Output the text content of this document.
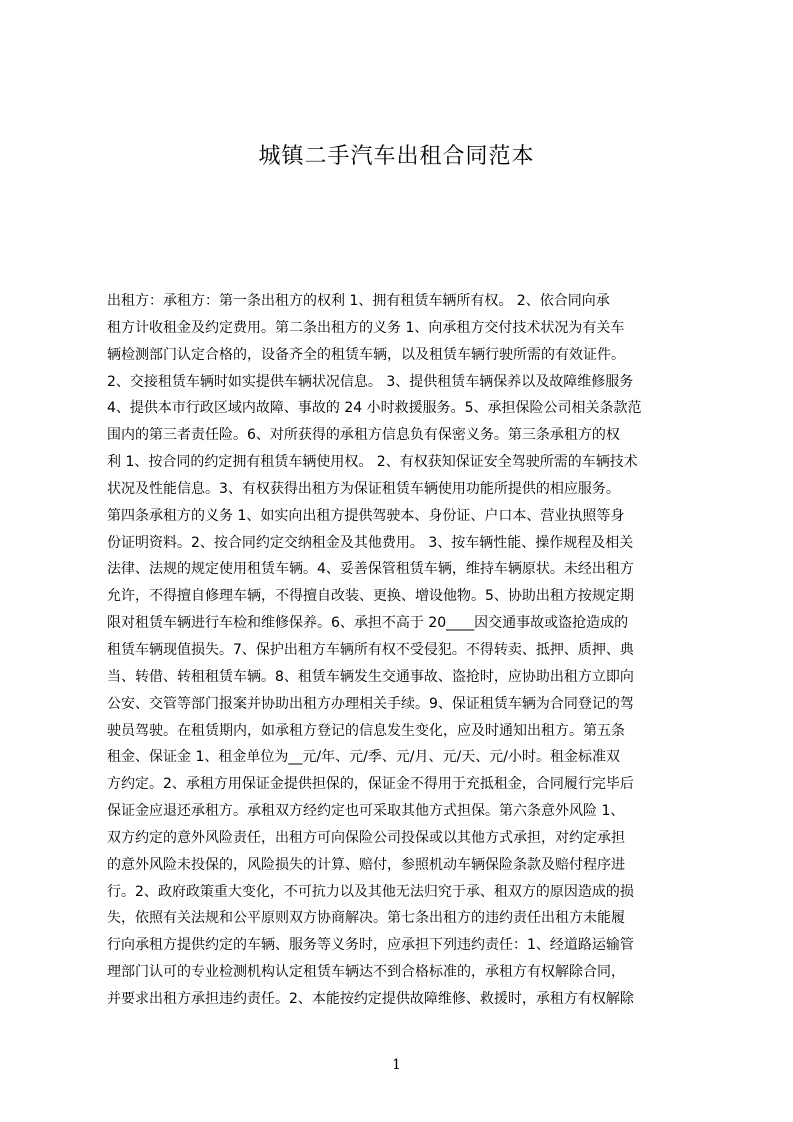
城镇二手汽车出租合同范本
出租方：承租方：第一条出租方的权利 1、拥有租赁车辆所有权。 2、依合同向承
租方计收租金及约定费用。第二条出租方的义务 1、向承租方交付技术状况为有关车
辆检测部门认定合格的，设备齐全的租赁车辆，以及租赁车辆行驶所需的有效证件。
2、交接租赁车辆时如实提供车辆状况信息。 3、提供租赁车辆保养以及故障维修服务
4、提供本市行政区域内故障、事故的 24 小时救援服务。5、承担保险公司相关条款范
围内的第三者责任险。6、对所获得的承租方信息负有保密义务。第三条承租方的权
利 1、按合同的约定拥有租赁车辆使用权。 2、有权获知保证安全驾驶所需的车辆技术
状况及性能信息。3、有权获得出租方为保证租赁车辆使用功能所提供的相应服务。
第四条承租方的义务 1、如实向出租方提供驾驶本、身份证、户口本、营业执照等身
份证明资料。2、按合同约定交纳租金及其他费用。 3、按车辆性能、操作规程及相关
法律、法规的规定使用租赁车辆。4、妥善保管租赁车辆，维持车辆原状。未经出租方
允许，不得擅自修理车辆，不得擅自改装、更换、增设他物。5、协助出租方按规定期
限对租赁车辆进行车检和维修保养。6、承担不高于 20____因交通事故或盗抢造成的
租赁车辆现值损失。7、保护出租方车辆所有权不受侵犯。不得转卖、抵押、质押、典
当、转借、转租租赁车辆。8、租赁车辆发生交通事故、盗抢时，应协助出租方立即向
公安、交管等部门报案并协助出租方办理相关手续。9、保证租赁车辆为合同登记的驾
驶员驾驶。在租赁期内，如承租方登记的信息发生变化，应及时通知出租方。第五条
租金、保证金 1、租金单位为__元/年、元/季、元/月、元/天、元/小时。租金标准双
方约定。2、承租方用保证金提供担保的，保证金不得用于充抵租金，合同履行完毕后
保证金应退还承租方。承租双方经约定也可采取其他方式担保。第六条意外风险 1、
双方约定的意外风险责任，出租方可向保险公司投保或以其他方式承担，对约定承担
的意外风险未投保的，风险损失的计算、赔付，参照机动车辆保险条款及赔付程序进
行。2、政府政策重大变化，不可抗力以及其他无法归究于承、租双方的原因造成的损
失，依照有关法规和公平原则双方协商解决。第七条出租方的违约责任出租方未能履
行向承租方提供约定的车辆、服务等义务时，应承担下列违约责任：1、经道路运输管
理部门认可的专业检测机构认定租赁车辆达不到合格标准的，承租方有权解除合同，
并要求出租方承担违约责任。2、本能按约定提供故障维修、救援时，承租方有权解除
1
